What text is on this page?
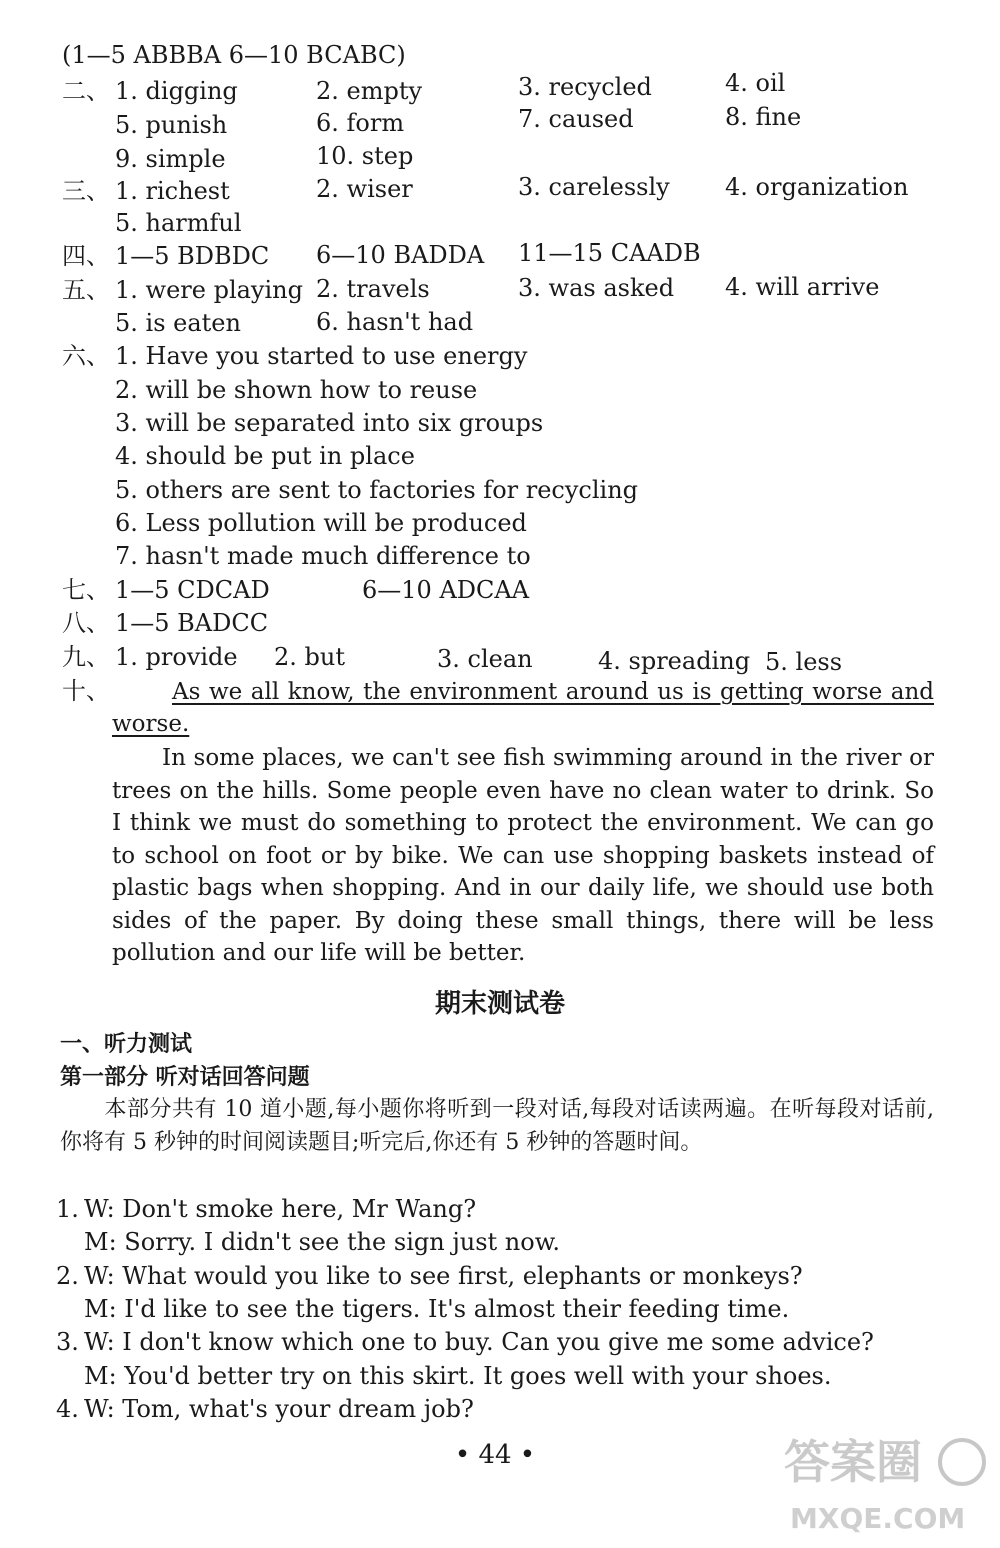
(1—5 ABBBA 6—10 BCABC)
二、 1. digging	2. empty	3. recycled	4. oil
5. punish	6. form	7. caused	8. fine
9. simple	10. step
三、 1. richest	2. wiser	3. carelessly 4. organization
5. harmful
四、 1—5 BDBDC 6—10 BADDA 11—15 CAADB
五、 1. were playing 2. travels	3. was asked 4. will arrive
5. is eaten	6. hasn't had
六、 1. Have you started to use energy
2. will be shown how to reuse
3. will be separated into six groups
4. should be put in place
5. others are sent to factories for recycling
6. Less pollution will be produced
7. hasn't made much difference to
七、 1—5 CDCAD	6—10 ADCAA
八、 1—5 BADCC
九、 1. provide 2. but	3. clean	4. spreading 5. less
十、	As we all know, the environment around us is getting worse and worse.
In some places, we can't see fish swimming around in the river or trees on the hills. Some people even have no clean water to drink. So I think we must do something to protect the environment. We can go to school on foot or by bike. We can use shopping baskets instead of plastic bags when shopping. And in our daily life, we should use both sides of the paper. By doing these small things, there will be less pollution and our life will be better.
期末测试卷
一、听力测试
第一部分 听对话回答问题
本部分共有 10 道小题,每小题你将听到一段对话,每段对话读两遍。在听每段对话前,你将有 5 秒钟的时间阅读题目;听完后,你还有 5 秒钟的答题时间。
1. W: Don't smoke here, Mr Wang?
M: Sorry. I didn't see the sign just now.
2. W: What would you like to see first, elephants or monkeys?
M: I'd like to see the tigers. It's almost their feeding time.
3. W: I don't know which one to buy. Can you give me some advice?
M: You'd better try on this skirt. It goes well with your shoes.
4. W: Tom, what's your dream job?
• 44 •	答案圈
MXQE.COM
